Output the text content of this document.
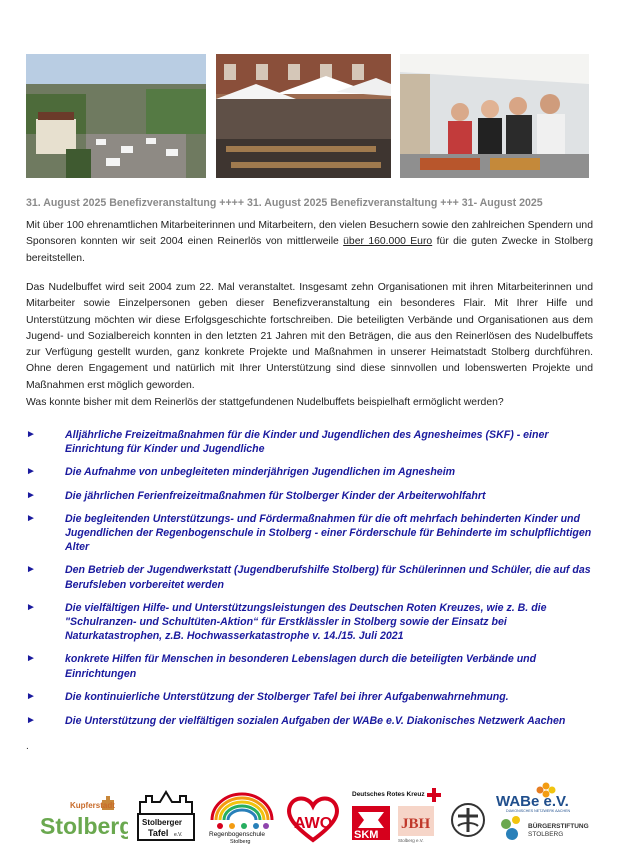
31. August 2025 Benefizveranstaltung ++++ 31. August 2025 Benefizveranstaltung +++ 31- August 2025
Mit über 100 ehrenamtlichen Mitarbeiterinnen und Mitarbeitern, den vielen Besuchern sowie den zahlreichen Spendern und Sponsoren konnten wir seit 2004 einen Reinerlös von mittlerweile über 160.000 Euro für die guten Zwecke in Stolberg bereitstellen.
Das Nudelbuffet wird seit 2004 zum 22. Mal veranstaltet. Insgesamt zehn Organisationen mit ihren Mitarbeiterinnen und Mitarbeiter sowie Einzelpersonen geben dieser Benefizveranstaltung ein besonderes Flair. Mit Ihrer Hilfe und Unterstützung möchten wir diese Erfolgsgeschichte fortschreiben. Die beteiligten Verbände und Organisationen aus dem Jugend- und Sozialbereich konnten in den letzten 21 Jahren mit den Beträgen, die aus den Reinerlösen des Nudelbuffets zur Verfügung gestellt wurden, ganz konkrete Projekte und Maßnahmen in unserer Heimatstadt Stolberg durchführen. Ohne deren Engagement und natürlich mit Ihrer Unterstützung sind diese sinnvollen und lobenswerten Projekte und Maßnahmen erst möglich geworden.
Was konnte bisher mit dem Reinerlös der stattgefundenen Nudelbuffets beispielhaft ermöglicht werden?
►	Alljährliche Freizeitmaßnahmen für die Kinder und Jugendlichen des Agnesheimes (SKF) - einer Einrichtung für Kinder und Jugendliche
►	Die Aufnahme von unbegleiteten minderjährigen Jugendlichen im Agnesheim
►	Die jährlichen Ferienfreizeitmaßnahmen für Stolberger Kinder der Arbeiterwohlfahrt
►	Die begleitenden Unterstützungs- und Fördermaßnahmen für die oft mehrfach behinderten Kinder und Jugendlichen der Regenbogenschule in Stolberg - einer Förderschule für Behinderte im schulpflichtigen Alter
►	Den Betrieb der Jugendwerkstatt (Jugendberufshilfe Stolberg) für Schülerinnen und Schüler, die auf das Berufsleben vorbereitet werden
►	Die vielfältigen Hilfe- und Unterstützungsleistungen des Deutschen Roten Kreuzes, wie z. B. die "Schulranzen- und Schultüten-Aktion“ für Erstklässler in Stolberg sowie der Einsatz bei Naturkatastrophen, z.B. Hochwasserkatastrophe v. 14./15. Juli 2021
►	konkrete Hilfen für Menschen in besonderen Lebenslagen durch die beteiligten Verbände und Einrichtungen
►	Die kontinuierliche Unterstützung der Stolberger Tafel bei ihrer Aufgabenwahrnehmung.
►	Die Unterstützung der vielfältigen sozialen Aufgaben der WABe e.V. Diakonisches Netzwerk Aachen
.
Kupferstadt
Stolberg Stolberger
Tafel e.V.	Regenbogenschule
Stolberg
AWO
Deutsches Rotes Kreuz
SKM
JBH
Stolberg e.V.
WABe e.V.
DIAKONISCHES NETZWERK AACHEN
BÜRGERSTIFTUNG
STOLBERG
